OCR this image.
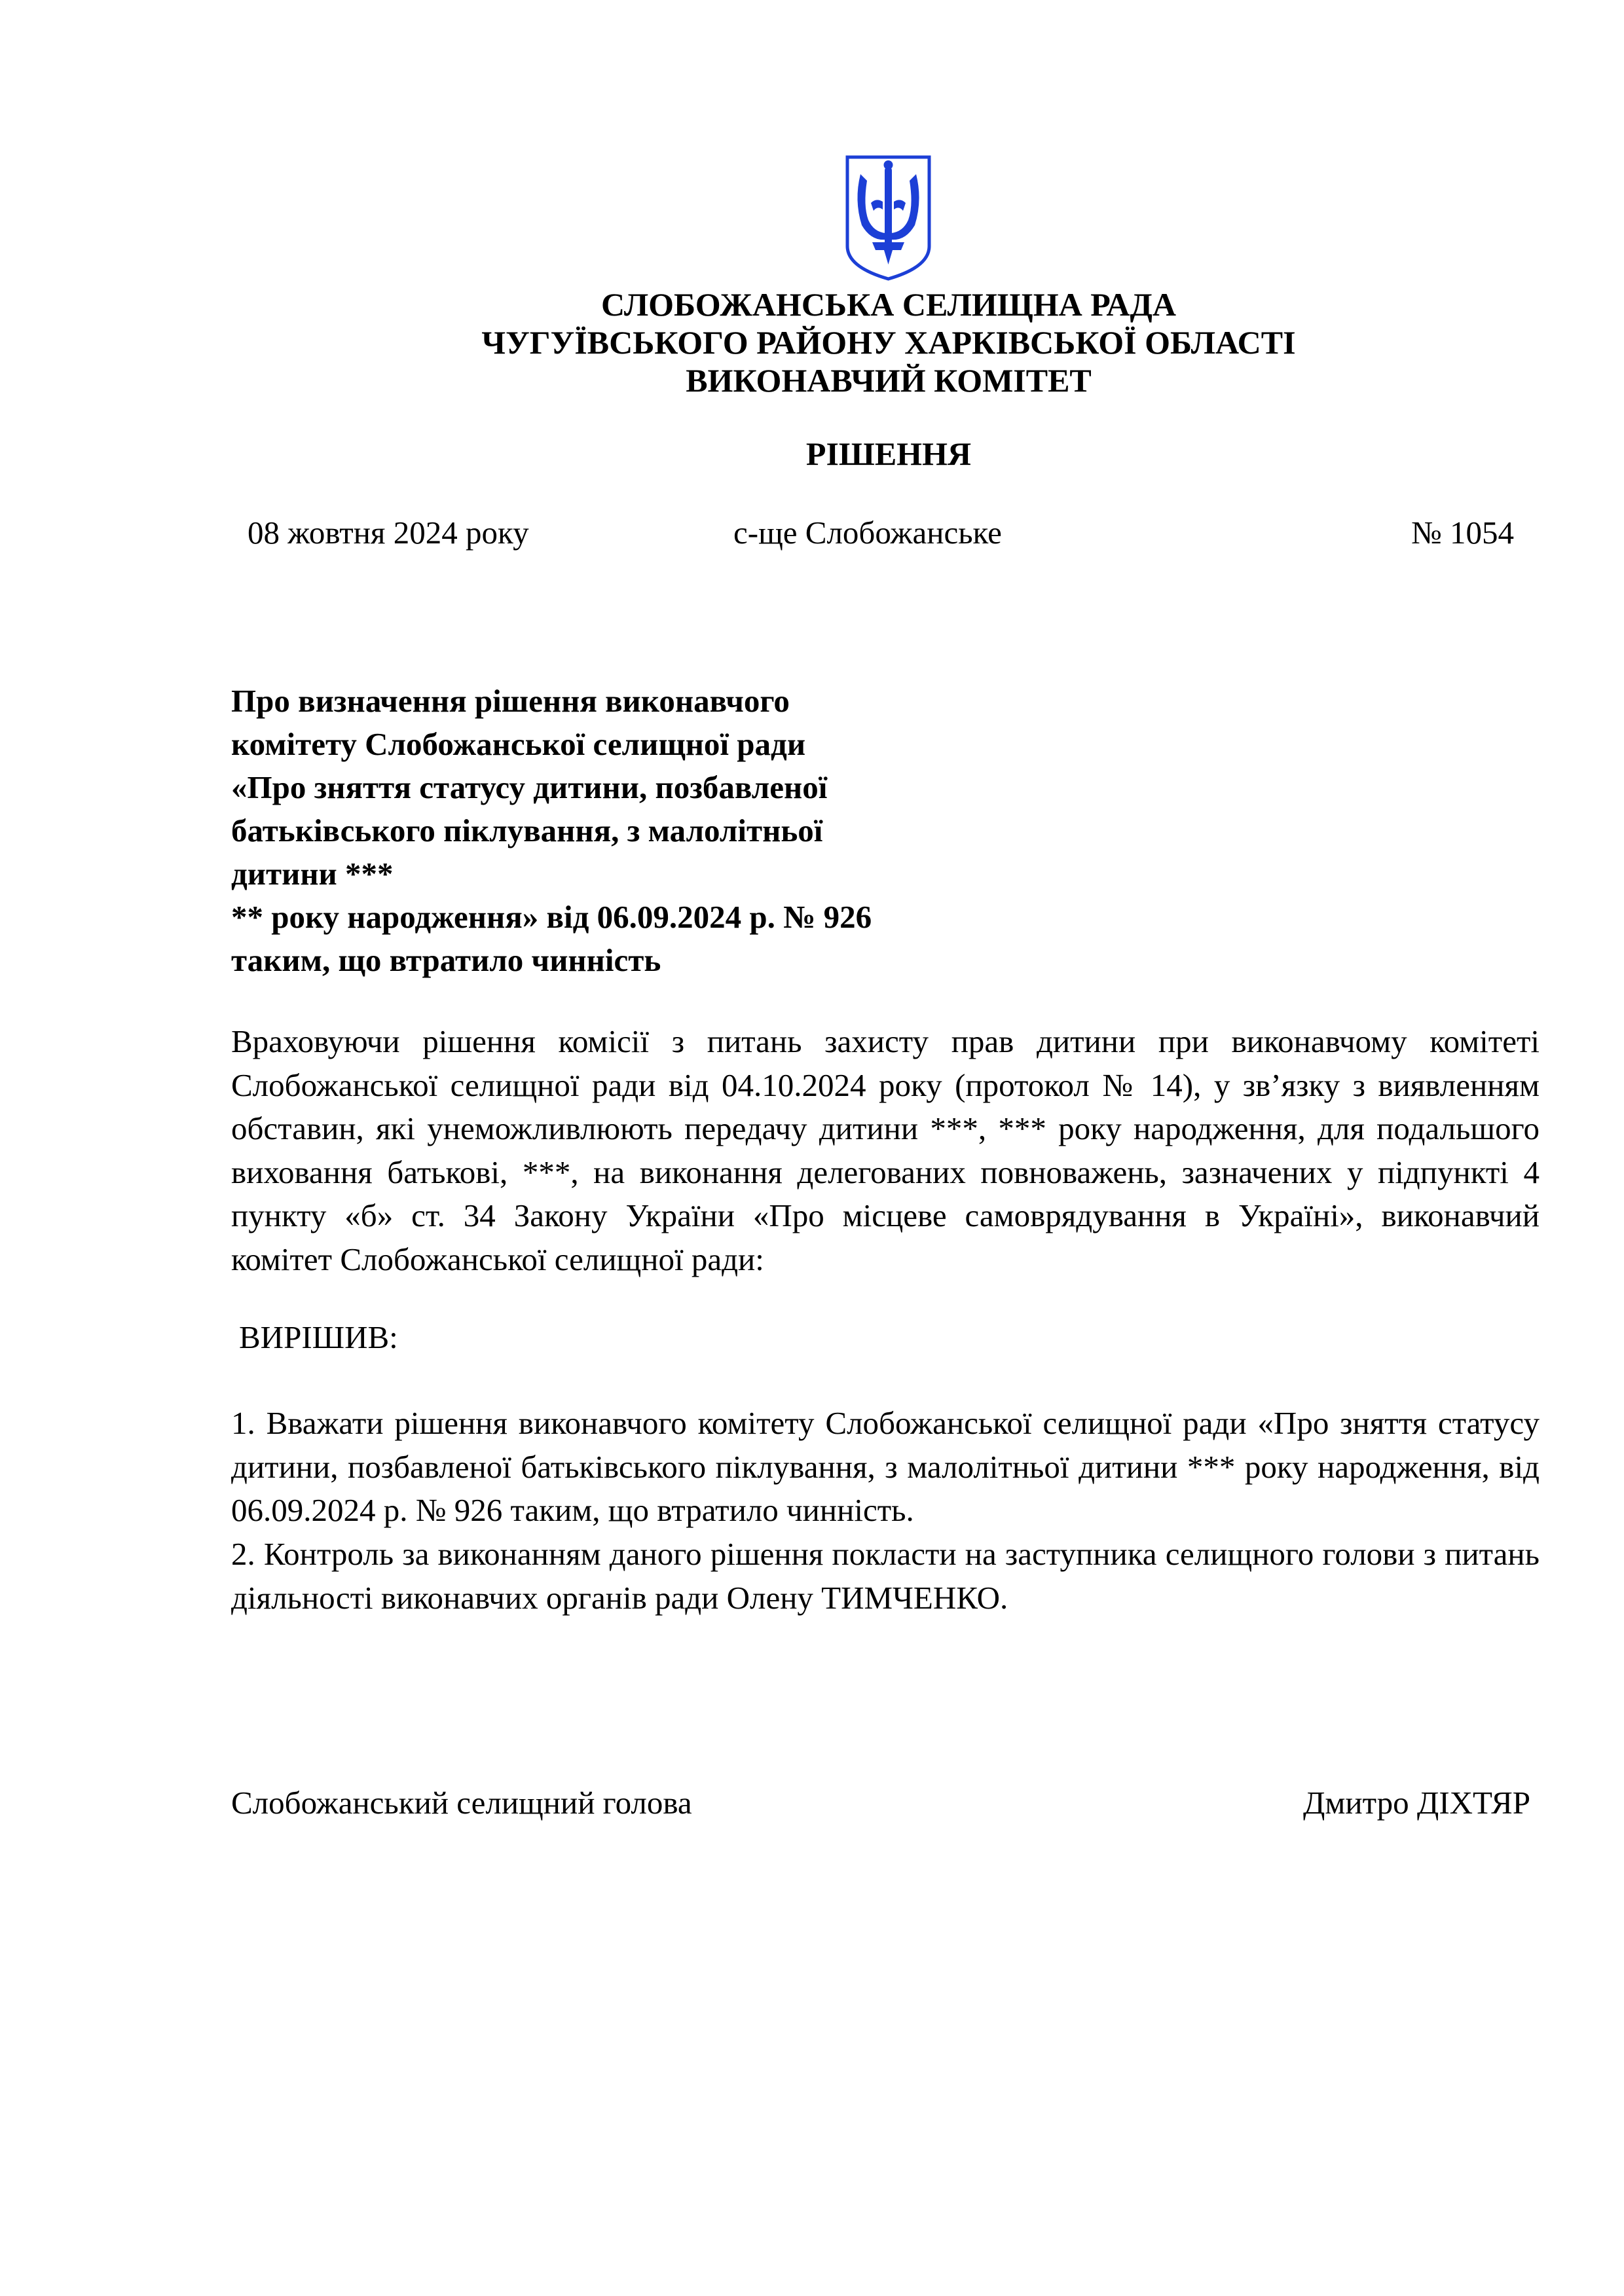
СЛОБОЖАНСЬКА СЕЛИЩНА РАДА
ЧУГУЇВСЬКОГО РАЙОНУ ХАРКІВСЬКОЇ ОБЛАСТІ
ВИКОНАВЧИЙ КОМІТЕТ
РІШЕННЯ
08 жовтня 2024 року	с-ще Слобожанське	№ 1054
Про визначення рішення виконавчого
комітету Слобожанської селищної ради
«Про зняття статусу дитини, позбавленої
батьківського піклування, з малолітньої
дитини ***
** року народження» від 06.09.2024 р. № 926
таким, що втратило чинність
Враховуючи рішення комісії з питань захисту прав дитини при виконавчому комітеті
Слобожанської селищної ради від 04.10.2024 року (протокол № 14), у зв’язку з виявленням
обставин, які унеможливлюють передачу дитини ***, *** року народження, для подальшого
виховання батькові, ***, на виконання делегованих повноважень, зазначених у підпункті 4
пункту «б» ст. 34 Закону України «Про місцеве самоврядування в Україні», виконавчий
комітет Слобожанської селищної ради:
ВИРІШИВ:
1. Вважати рішення виконавчого комітету Слобожанської селищної ради «Про зняття статусу
дитини, позбавленої батьківського піклування, з малолітньої дитини *** року народження, від
06.09.2024 р. № 926 таким, що втратило чинність.
2. Контроль за виконанням даного рішення покласти на заступника селищного голови з питань
діяльності виконавчих органів ради Олену ТИМЧЕНКО.
Слобожанський селищний голова	Дмитро ДІХТЯР
